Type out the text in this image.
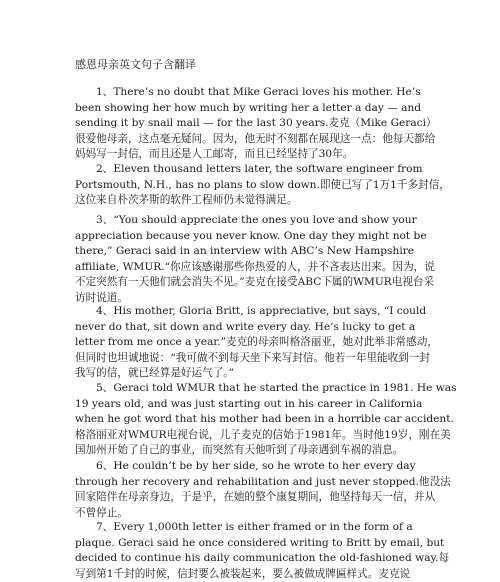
感恩母亲英文句子含翻译
1、There’s no doubt that Mike Geraci loves his mother. He’s
been showing her how much by writing her a letter a day — and
sending it by snail mail — for the last 30 years.麦克（Mike Geraci）
很爱他母亲，这点毫无疑问。因为，他无时不刻都在展现这一点：他每天都给
妈妈写一封信，而且还是人工邮寄，而且已经坚持了30年。
2、Eleven thousand letters later, the software engineer from
Portsmouth, N.H., has no plans to slow down.即使已写了1万1千多封信，
这位来自朴茨茅斯的软件工程师仍未觉得满足。
3、“You should appreciate the ones you love and show your
appreciation because you never know. One day they might not be
there,” Geraci said in an interview with ABC’s New Hampshire
affiliate, WMUR.“你应该感谢那些你热爱的人，并不吝表达出来。因为，说
不定突然有一天他们就会消失不见。”麦克在接受ABC下属的WMUR电视台采
访时说道。
4、His mother, Gloria Britt, is appreciative, but says, “I could
never do that, sit down and write every day. He’s lucky to get a
letter from me once a year.”麦克的母亲叫格洛丽亚，她对此举非常感动，
但同时也坦诚地说：“我可做不到每天坐下来写封信。他若一年里能收到一封
我写的信，就已经算是好运气了。”
5、Geraci told WMUR that he started the practice in 1981. He was
19 years old, and was just starting out in his career in California
when he got word that his mother had been in a horrible car accident.
格洛丽亚对WMUR电视台说，儿子麦克的信始于1981年。当时他19岁，刚在美
国加州开始了自己的事业，而突然有天他听到了母亲遇到车祸的消息。
6、He couldn’t be by her side, so he wrote to her every day
through her recovery and rehabilitation and just never stopped.他没法
回家陪伴在母亲身边，于是乎，在她的整个康复期间，他坚持每天一信，并从
不曾停止。
7、Every 1,000th letter is either framed or in the form of a
plaque. Geraci said he once considered writing to Britt by email, but
decided to continue his daily communication the old-fashioned way.每
写到第1千封的时候，信封要么被装起来，要么被做成牌匾样式。麦克说
